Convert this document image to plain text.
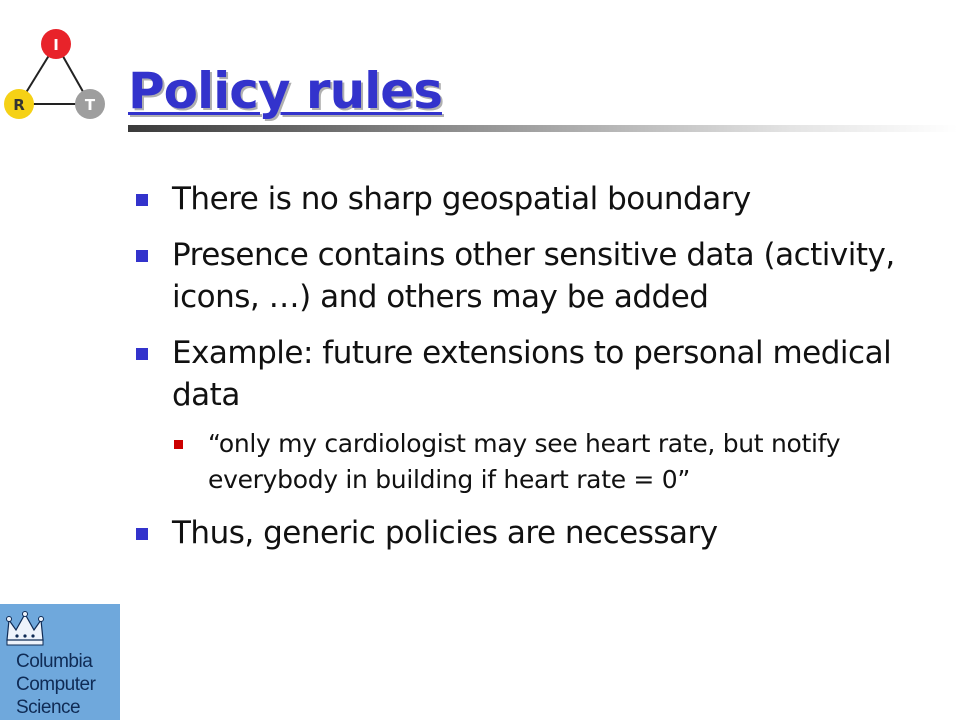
I
R	T Policy rules
There is no sharp geospatial boundary
Presence contains other sensitive data (activity, icons, …) and others may be added
Example: future extensions to personal medical data
“only my cardiologist may see heart rate, but notify everybody in building if heart rate = 0”
Thus, generic policies are necessary
Columbia
Computer
Science
